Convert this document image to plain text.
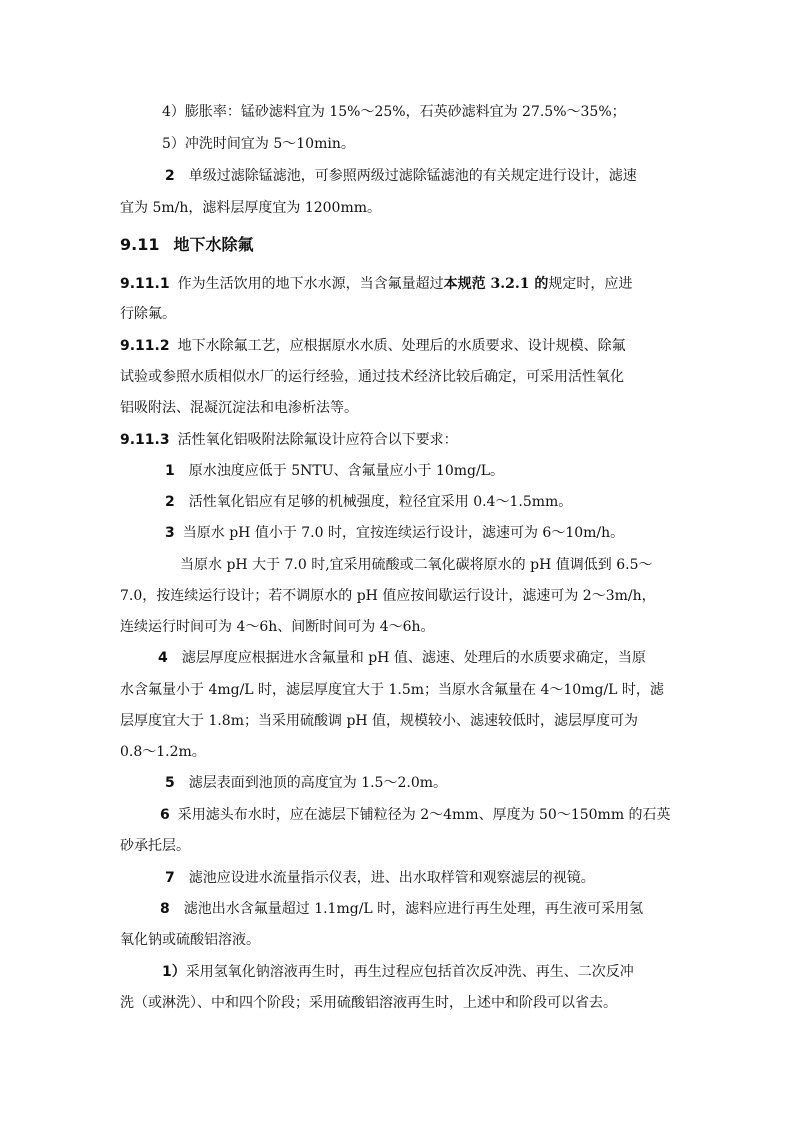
4）膨胀率：锰砂滤料宜为 15%～25%，石英砂滤料宜为 27.5%～35%；
5）冲洗时间宜为 5～10min。
2 单级过滤除锰滤池，可参照两级过滤除锰滤池的有关规定进行设计，滤速
宜为 5m/h，滤料层厚度宜为 1200mm。
9.11 地下水除氟
9.11.1 作为生活饮用的地下水水源，当含氟量超过本规范 3.2.1 的规定时，应进
行除氟。
9.11.2 地下水除氟工艺，应根据原水水质、处理后的水质要求、设计规模、除氟
试验或参照水质相似水厂的运行经验，通过技术经济比较后确定，可采用活性氧化
铝吸附法、混凝沉淀法和电渗析法等。
9.11.3 活性氧化铝吸附法除氟设计应符合以下要求：
1 原水浊度应低于 5NTU、含氟量应小于 10mg/L。
2 活性氧化铝应有足够的机械强度，粒径宜采用 0.4～1.5mm。
3 当原水 pH 值小于 7.0 时，宜按连续运行设计，滤速可为 6～10m/h。
当原水 pH 大于 7.0 时,宜采用硫酸或二氧化碳将原水的 pH 值调低到 6.5～
7.0，按连续运行设计；若不调原水的 pH 值应按间歇运行设计，滤速可为 2～3m/h，
连续运行时间可为 4～6h、间断时间可为 4～6h。
4 滤层厚度应根据进水含氟量和 pH 值、滤速、处理后的水质要求确定，当原
水含氟量小于 4mg/L 时，滤层厚度宜大于 1.5m；当原水含氟量在 4～10mg/L 时，滤
层厚度宜大于 1.8m；当采用硫酸调 pH 值，规模较小、滤速较低时，滤层厚度可为
0.8～1.2m。
5 滤层表面到池顶的高度宜为 1.5～2.0m。
6 采用滤头布水时，应在滤层下铺粒径为 2～4mm、厚度为 50～150mm 的石英
砂承托层。
7 滤池应设进水流量指示仪表，进、出水取样管和观察滤层的视镜。
8 滤池出水含氟量超过 1.1mg/L 时，滤料应进行再生处理，再生液可采用氢
氧化钠或硫酸铝溶液。
1）采用氢氧化钠溶液再生时，再生过程应包括首次反冲洗、再生、二次反冲
洗（或淋洗）、中和四个阶段；采用硫酸铝溶液再生时，上述中和阶段可以省去。
